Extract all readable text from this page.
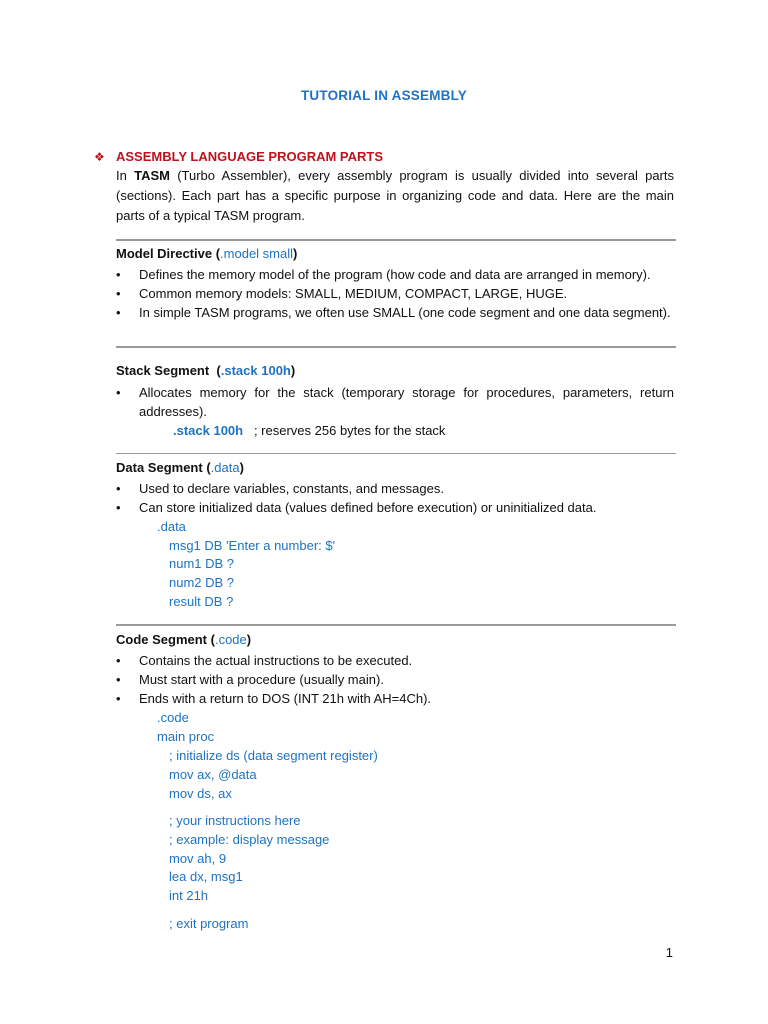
TUTORIAL IN ASSEMBLY
❖ ASSEMBLY LANGUAGE PROGRAM PARTS
In TASM (Turbo Assembler), every assembly program is usually divided into several parts (sections). Each part has a specific purpose in organizing code and data. Here are the main parts of a typical TASM program.
Model Directive (.model small)
• Defines the memory model of the program (how code and data are arranged in memory).
• Common memory models: SMALL, MEDIUM, COMPACT, LARGE, HUGE.
• In simple TASM programs, we often use SMALL (one code segment and one data segment).
Stack Segment  (.stack 100h)
• Allocates memory for the stack (temporary storage for procedures, parameters, return addresses).
.stack 100h ; reserves 256 bytes for the stack
Data Segment (.data)
• Used to declare variables, constants, and messages.
• Can store initialized data (values defined before execution) or uninitialized data.
.data
msg1 DB 'Enter a number: $'
num1 DB ?
num2 DB ?
result DB ?
Code Segment (.code)
• Contains the actual instructions to be executed.
• Must start with a procedure (usually main).
• Ends with a return to DOS (INT 21h with AH=4Ch).
.code
main proc
; initialize ds (data segment register)
mov ax, @data
mov ds, ax
; your instructions here
; example: display message
mov ah, 9
lea dx, msg1
int 21h
; exit program
1
